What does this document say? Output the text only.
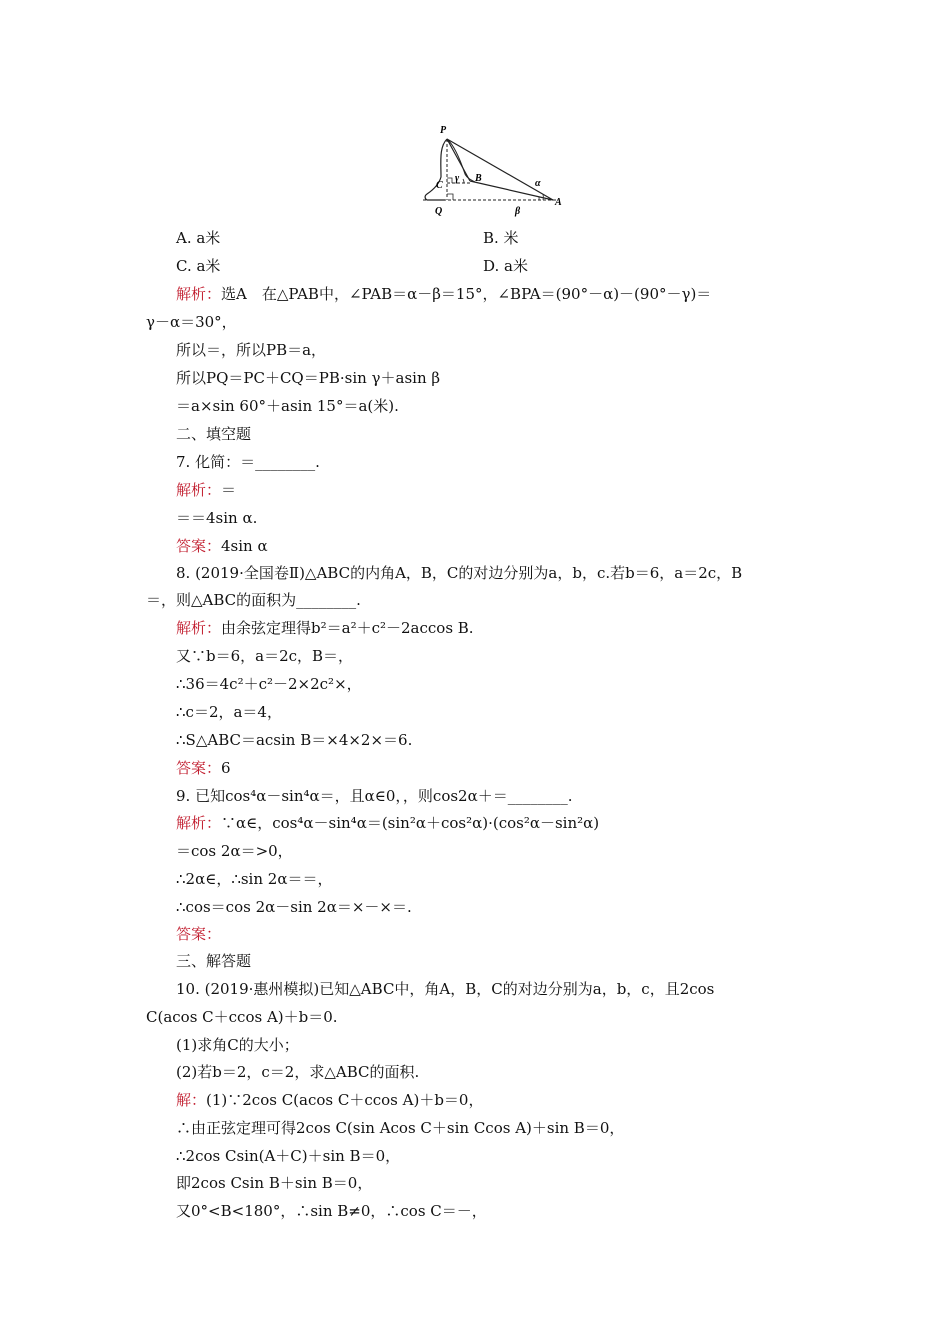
P
C
γ B	α
A
Q	β
A. a米	B. 米
C. a米	D. a米
解析：选A　在△PAB中，∠PAB＝α－β＝15°，∠BPA＝(90°－α)－(90°－γ)＝
γ－α＝30°，
所以＝，所以PB＝a，
所以PQ＝PC＋CQ＝PB·sin γ＋asin β
＝a×sin 60°＋asin 15°＝a(米).
二、填空题
7. 化简：＝________.
解析：＝
＝＝4sin α.
答案：4sin α
8. (2019·全国卷Ⅱ)△ABC的内角A，B，C的对边分别为a，b，c.若b＝6，a＝2c，B
＝，则△ABC的面积为________.
解析：由余弦定理得b²＝a²＋c²－2accos B.
又∵b＝6，a＝2c，B＝，
∴36＝4c²＋c²－2×2c²×，
∴c＝2，a＝4，
∴S△ABC＝acsin B＝×4×2×＝6.
答案：6
9. 已知cos⁴α－sin⁴α＝，且α∈0，，则cos2α＋＝________.
解析：∵α∈，cos⁴α－sin⁴α＝(sin²α＋cos²α)·(cos²α－sin²α)
＝cos 2α＝>0，
∴2α∈，∴sin 2α＝＝，
∴cos＝cos 2α－sin 2α＝×－×＝.
答案：
三、解答题
10. (2019·惠州模拟)已知△ABC中，角A，B，C的对边分别为a，b，c，且2cos
C(acos C＋ccos A)＋b＝0.
(1)求角C的大小；
(2)若b＝2，c＝2，求△ABC的面积.
解：(1)∵2cos C(acos C＋ccos A)＋b＝0，
∴由正弦定理可得2cos C(sin Acos C＋sin Ccos A)＋sin B＝0，
∴2cos Csin(A＋C)＋sin B＝0，
即2cos Csin B＋sin B＝0，
又0°<B<180°，∴sin B≠0，∴cos C＝－，
